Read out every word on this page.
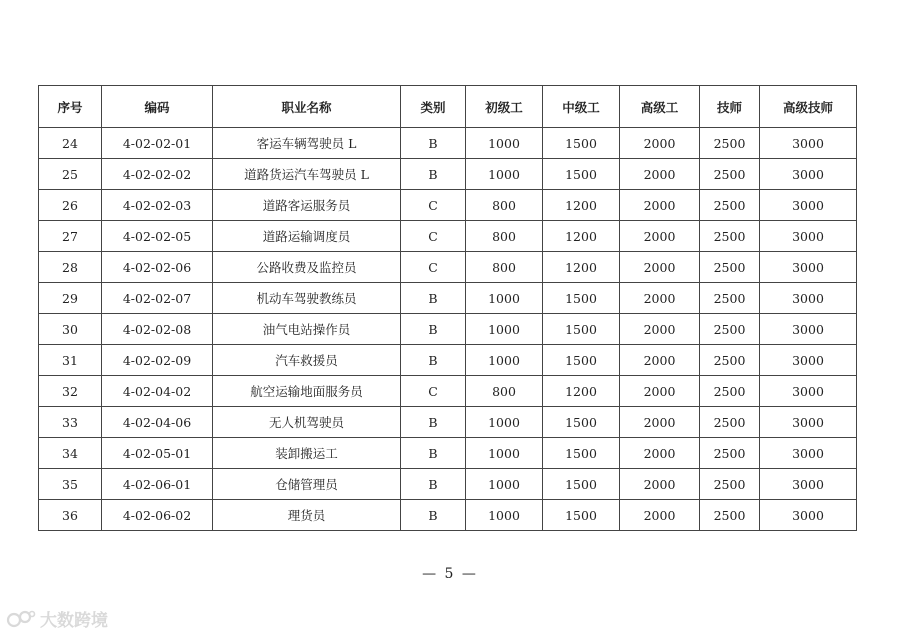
序号	编码	职业名称	类别	初级工	中级工	高级工	技师	高级技师
24	4-02-02-01	客运车辆驾驶员 L	B	1000	1500	2000	2500	3000
25	4-02-02-02	道路货运汽车驾驶员 L	B	1000	1500	2000	2500	3000
26	4-02-02-03	道路客运服务员	C	800	1200	2000	2500	3000
27	4-02-02-05	道路运输调度员	C	800	1200	2000	2500	3000
28	4-02-02-06	公路收费及监控员	C	800	1200	2000	2500	3000
29	4-02-02-07	机动车驾驶教练员	B	1000	1500	2000	2500	3000
30	4-02-02-08	油气电站操作员	B	1000	1500	2000	2500	3000
31	4-02-02-09	汽车救援员	B	1000	1500	2000	2500	3000
32	4-02-04-02	航空运输地面服务员	C	800	1200	2000	2500	3000
33	4-02-04-06	无人机驾驶员	B	1000	1500	2000	2500	3000
34	4-02-05-01	装卸搬运工	B	1000	1500	2000	2500	3000
35	4-02-06-01	仓储管理员	B	1000	1500	2000	2500	3000
36	4-02-06-02	理货员	B	1000	1500	2000	2500	3000
— 5 —
大数跨境
